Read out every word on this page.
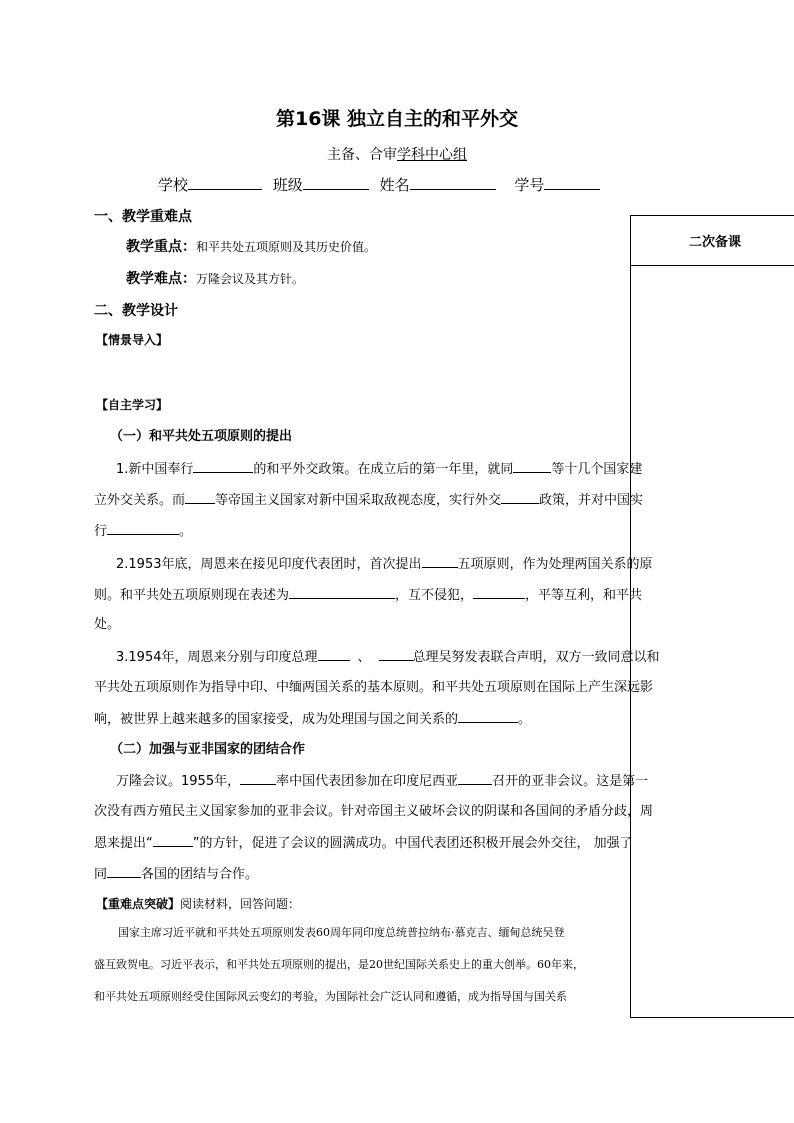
第16课 独立自主的和平外交
主备、合审学科中心组
学校	班级	姓名	学号
二次备课
一、教学重难点
教学重点：和平共处五项原则及其历史价值。
教学难点：万隆会议及其方针。
二、教学设计
【情景导入】
【自主学习】
（一）和平共处五项原则的提出
1.新中国奉行	的和平外交政策。在成立后的第一年里，就同	等十几个国家建
立外交关系。而 等帝国主义国家对新中国采取敌视态度，实行外交	政策，并对中国实
行	。
2.1953年底，周恩来在接见印度代表团时，首次提出	五项原则，作为处理两国关系的原
则。和平共处五项原则现在表述为	，互不侵犯，	，平等互利，和平共
处。
3.1954年，周恩来分别与印度总理	、	总理吴努发表联合声明，双方一致同意以和
平共处五项原则作为指导中印、中缅两国关系的基本原则。和平共处五项原则在国际上产生深远影
响，被世界上越来越多的国家接受，成为处理国与国之间关系的	。
（二）加强与亚非国家的团结合作
万隆会议。1955年，	率中国代表团参加在印度尼西亚	召开的亚非会议。这是第一
次没有西方殖民主义国家参加的亚非会议。针对帝国主义破坏会议的阴谋和各国间的矛盾分歧，周
恩来提出“	”的方针，促进了会议的圆满成功。中国代表团还积极开展会外交往， 加强了
同	各国的团结与合作。
【重难点突破】阅读材料，回答问题：
国家主席习近平就和平共处五项原则发表60周年同印度总统普拉纳布·慕克吉、缅甸总统吴登
盛互致贺电。习近平表示，和平共处五项原则的提出，是20世纪国际关系史上的重大创举。60年来，
和平共处五项原则经受住国际风云变幻的考验，为国际社会广泛认同和遵循，成为指导国与国关系
